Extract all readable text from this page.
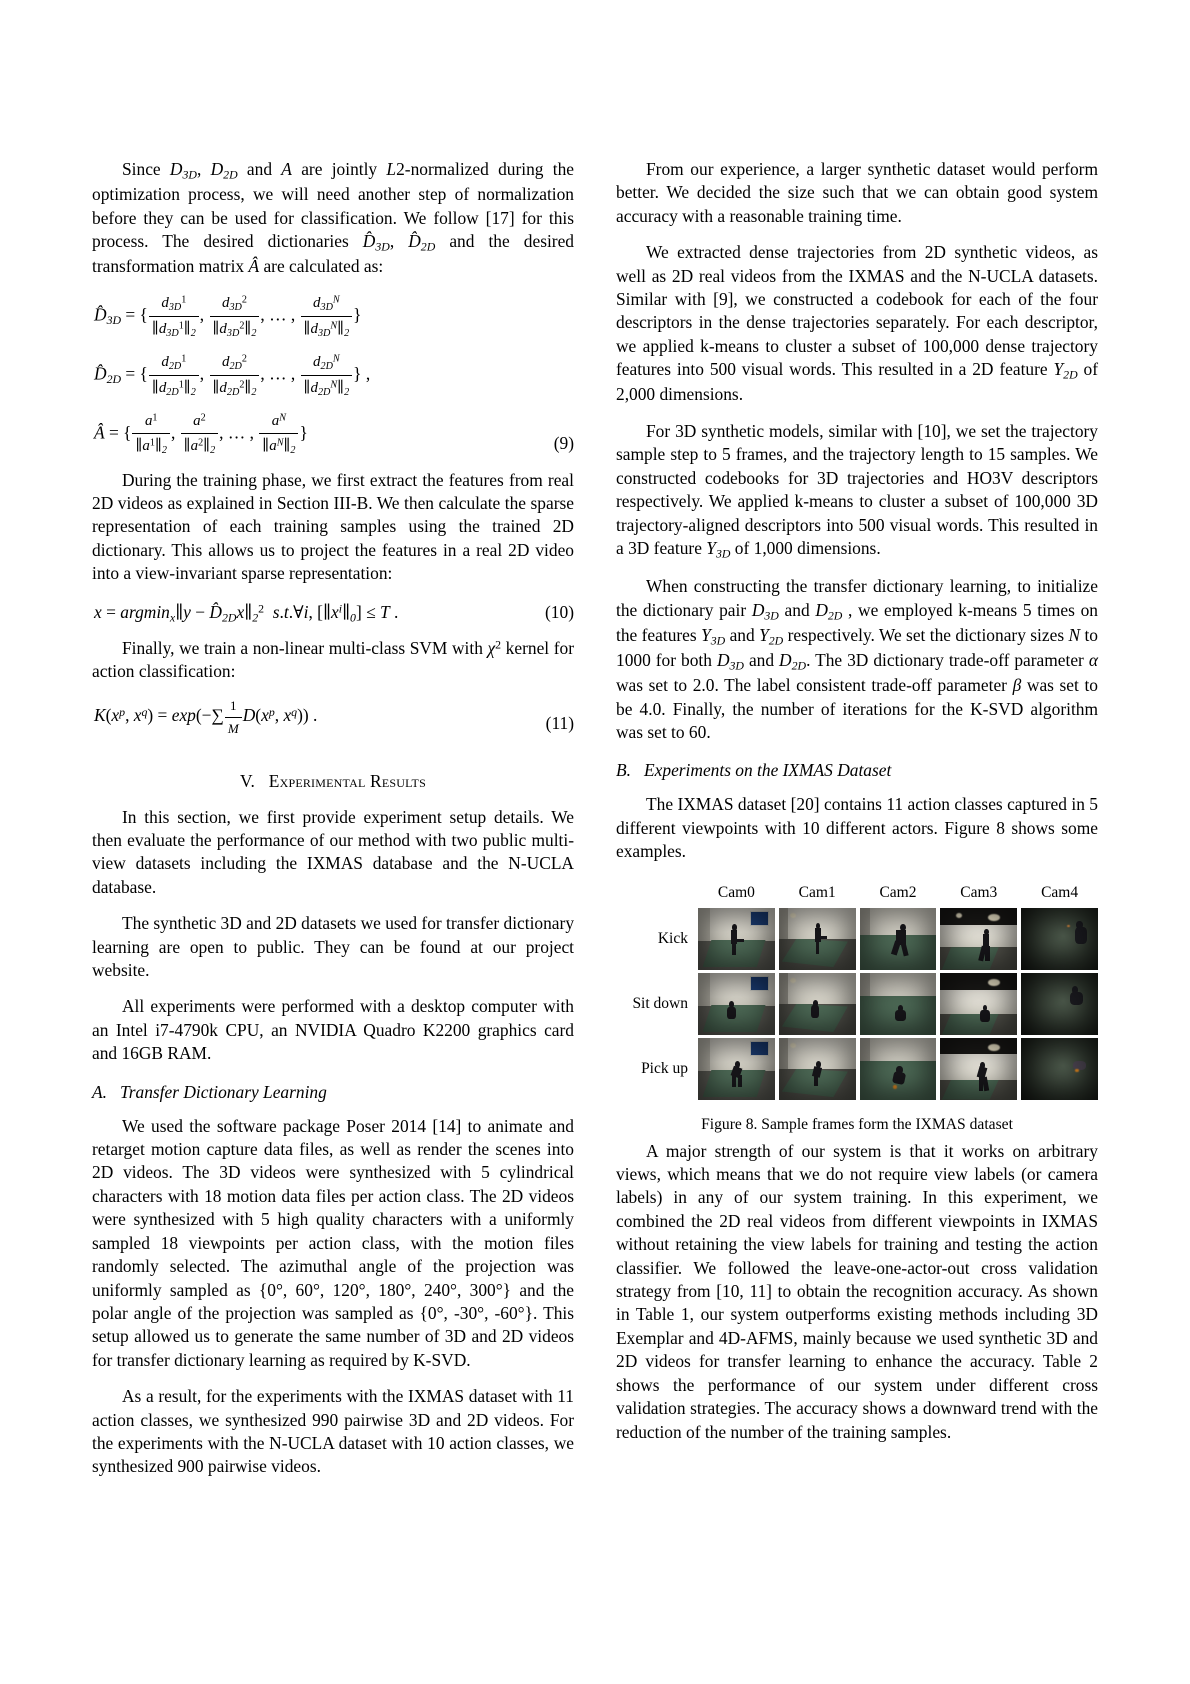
Since $D_{3D}$, $D_{2D}$ and A are jointly L2-normalized during the optimization process, we will need another step of normalization before they can be used for classification. We follow [17] for this process. The desired dictionaries $D̂_{3D}$, $D̂_{2D}$ and the desired transformation matrix Â are calculated as:

$D̂_{3D}$ = { $\frac{d_{3D}^1}{\parallel d_{3D}^1\parallel_2}$ , $\frac{d_{3D}^2}{\parallel d_{3D}^2\parallel_2}$ , … , $\frac{d_{3D}^N}{\parallel d_{3D}^N\parallel_2}$ }
$D̂_{2D}$ = { $\frac{d_{2D}^1}{\parallel d_{2D}^1\parallel_2}$ , $\frac{d_{2D}^2}{\parallel d_{2D}^2\parallel_2}$ , … , $\frac{d_{2D}^N}{\parallel d_{2D}^N\parallel_2}$ } ,
Â = { $\frac{a^1}{\parallel a^1\parallel_2}$ , $\frac{a^2}{\parallel a^2\parallel_2}$ , … , $\frac{a^N}{\parallel a^N\parallel_2}$ }
(9)

During the training phase, we first extract the features from real 2D videos as explained in Section III-B. We then calculate the sparse representation of each training samples using the trained 2D dictionary. This allows us to project the features in a real 2D video into a view-invariant sparse representation:

x = argmin$_x$∥y − $D̂_{2D}x\parallel_2^2$ s.t.∀i, $[\parallel x^i\parallel_0] \le T$ .	(10)

Finally, we train a non-linear multi-class SVM with $\chi^2$ kernel for action classification:

$K(x^p$, $x^q) = \exp(-\sum \frac{1}{M} D(x^p$, $x^q$)) .	(11)
V. Experimental Results

In this section, we first provide experiment setup details. We then evaluate the performance of our method with two public multi-view datasets including the IXMAS database and the N-UCLA database.

The synthetic 3D and 2D datasets we used for transfer dictionary learning are open to public. They can be found at our project website.

All experiments were performed with a desktop computer with an Intel i7-4790k CPU, an NVIDIA Quadro K2200 graphics card and 16GB RAM.

A. Transfer Dictionary Learning

We used the software package Poser 2014 [14] to animate and retarget motion capture data files, as well as render the scenes into 2D videos. The 3D videos were synthesized with 5 cylindrical characters with 18 motion data files per action class. The 2D videos were synthesized with 5 high quality characters with a uniformly sampled 18 viewpoints per action class, with the motion files randomly selected. The azimuthal angle of the projection was uniformly sampled as {0°, 60°, 120°, 180°, 240°, 300°} and the polar angle of the projection was sampled as {0°, -30°, -60°}. This setup allowed us to generate the same number of 3D and 2D videos for transfer dictionary learning as required by K-SVD.

As a result, for the experiments with the IXMAS dataset with 11 action classes, we synthesized 990 pairwise 3D and 2D videos. For the experiments with the N-UCLA dataset with 10 action classes, we synthesized 900 pairwise videos.

From our experience, a larger synthetic dataset would perform better. We decided the size such that we can obtain good system accuracy with a reasonable training time.

We extracted dense trajectories from 2D synthetic videos, as well as 2D real videos from the IXMAS and the N-UCLA datasets. Similar with [9], we constructed a codebook for each of the four descriptors in the dense trajectories separately. For each descriptor, we applied k-means to cluster a subset of 100,000 dense trajectory features into 500 visual words. This resulted in a 2D feature $Y_{2D}$ of 2,000 dimensions.

For 3D synthetic models, similar with [10], we set the trajectory sample step to 5 frames, and the trajectory length to 15 samples. We constructed codebooks for 3D trajectories and HO3V descriptors respectively. We applied k-means to cluster a subset of 100,000 3D trajectory-aligned descriptors into 500 visual words. This resulted in a 3D feature $Y_{3D}$ of 1,000 dimensions.

When constructing the transfer dictionary learning, to initialize the dictionary pair $D_{3D}$ and $D_{2D}$ , we employed k-means 5 times on the features $Y_{3D}$ and $Y_{2D}$ respectively. We set the dictionary sizes N to 1000 for both $D_{3D}$ and $D_{2D}$. The 3D dictionary trade-off parameter α was set to 2.0. The label consistent trade-off parameter β was set to be 4.0. Finally, the number of iterations for the K-SVD algorithm was set to 60.

B. Experiments on the IXMAS Dataset

The IXMAS dataset [20] contains 11 action classes captured in 5 different viewpoints with 10 different actors. Figure 8 shows some examples.

Cam0	Cam1	Cam2	Cam3	Cam4
Kick
Sit down
Pick up
Figure 8. Sample frames form the IXMAS dataset

A major strength of our system is that it works on arbitrary views, which means that we do not require view labels (or camera labels) in any of our system training. In this experiment, we combined the 2D real videos from different viewpoints in IXMAS without retaining the view labels for training and testing the action classifier. We followed the leave-one-actor-out cross validation strategy from [10, 11] to obtain the recognition accuracy. As shown in Table 1, our system outperforms existing methods including 3D Exemplar and 4D-AFMS, mainly because we used synthetic 3D and 2D videos for transfer learning to enhance the accuracy. Table 2 shows the performance of our system under different cross validation strategies. The accuracy shows a downward trend with the reduction of the number of the training samples.
